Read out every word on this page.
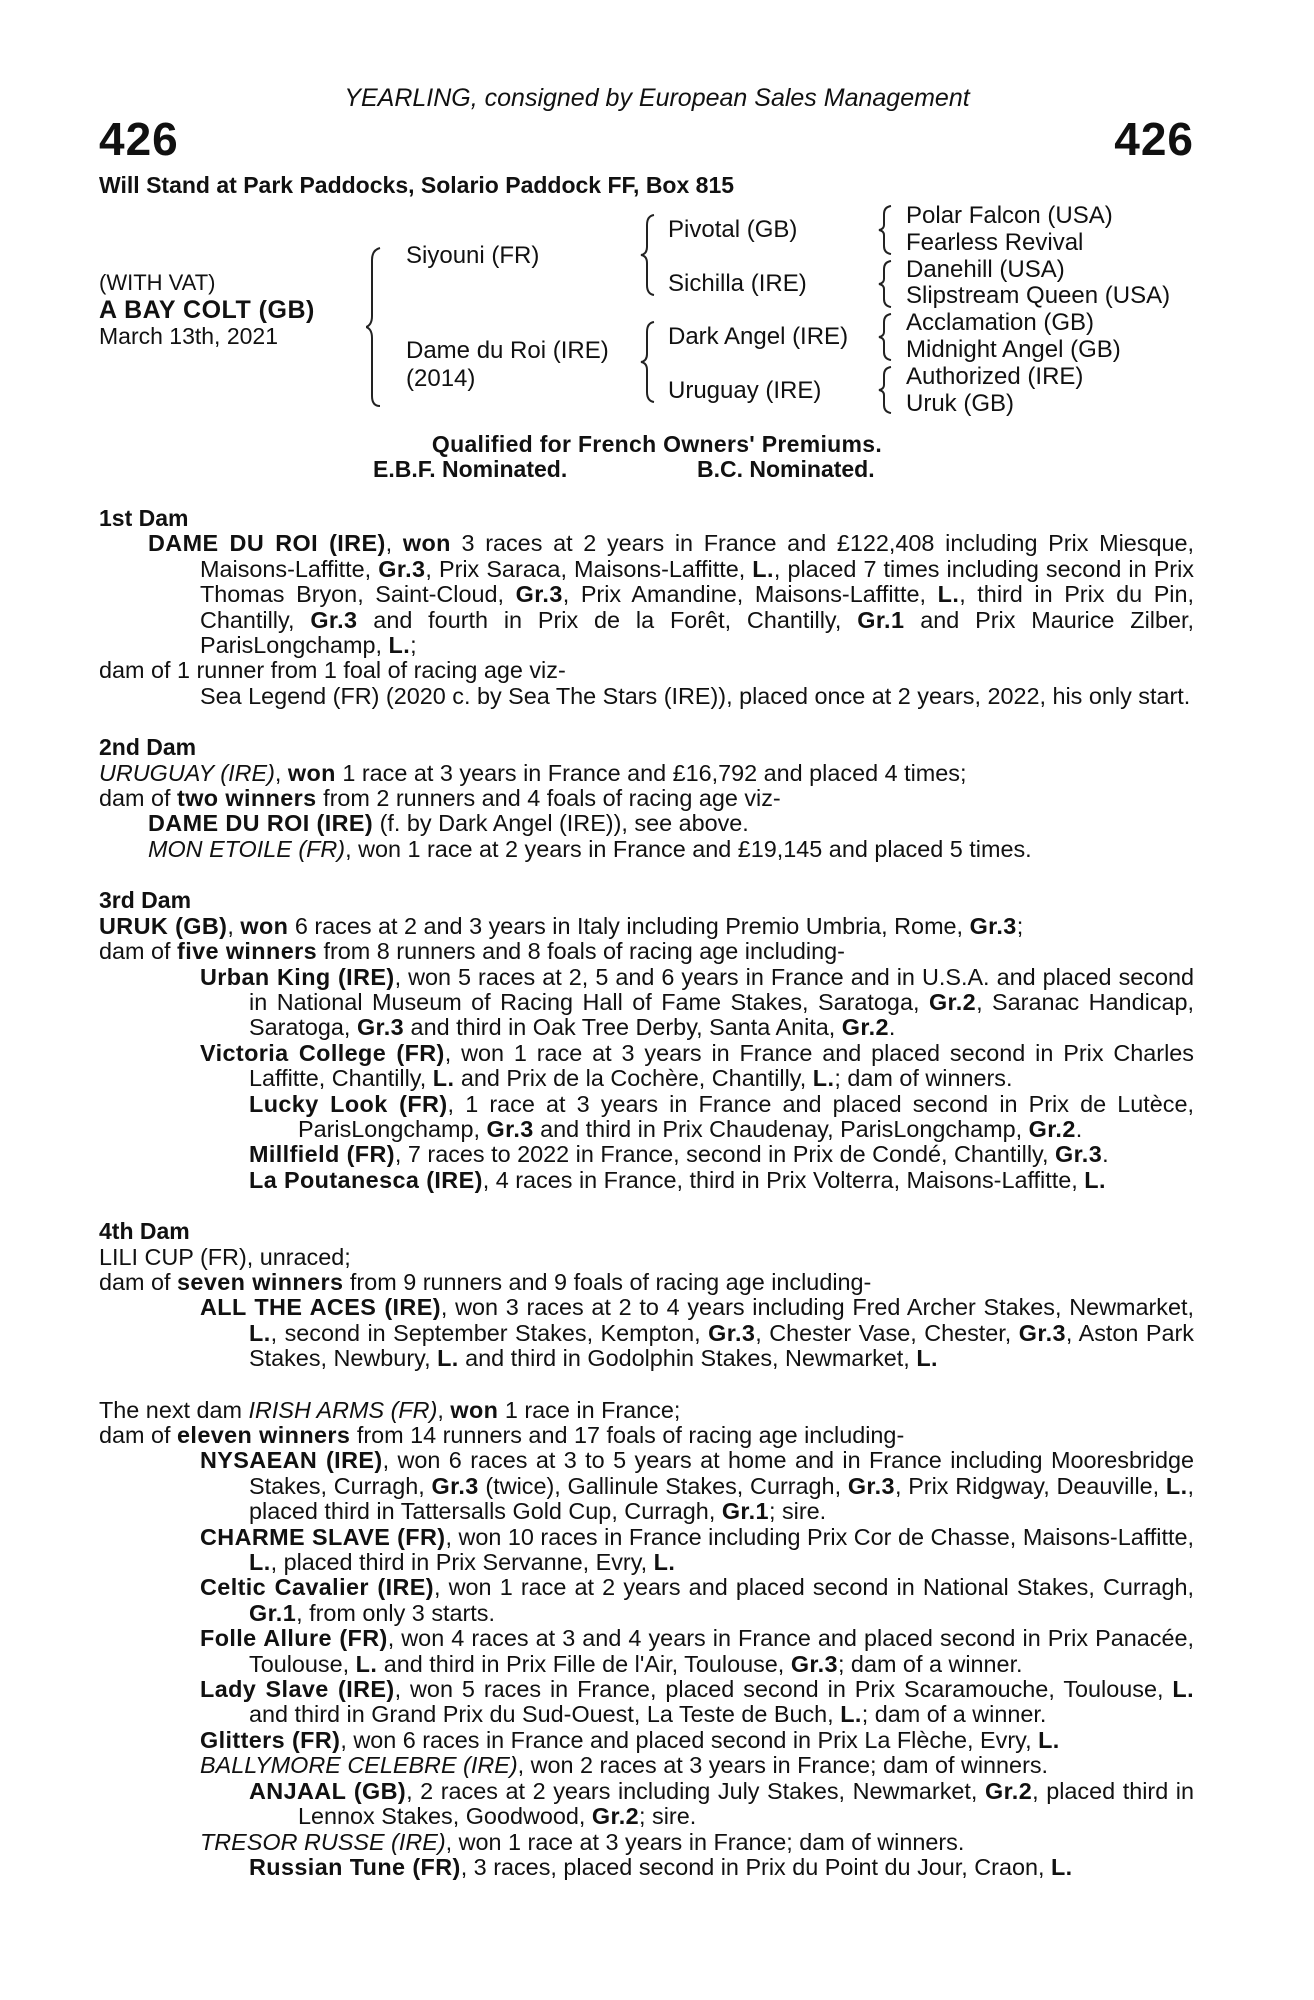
YEARLING, consigned by European Sales Management
426	426
Will Stand at Park Paddocks, Solario Paddock FF, Box 815
(WITH VAT)
A BAY COLT (GB)
March 13th, 2021
Siyouni (FR)
Dame du Roi (IRE)
(2014)
Pivotal (GB)
Sichilla (IRE)
Dark Angel (IRE)
Uruguay (IRE)
Polar Falcon (USA)
Fearless Revival
Danehill (USA)
Slipstream Queen (USA)
Acclamation (GB)
Midnight Angel (GB)
Authorized (IRE)
Uruk (GB)
Qualified for French Owners' Premiums.
E.B.F. Nominated.	B.C. Nominated.

1st Dam

DAME DU ROI (IRE), won 3 races at 2 years in France and £122,408 including Prix Miesque, Maisons-Laffitte, Gr.3, Prix Saraca, Maisons-Laffitte, L., placed 7 times including second in Prix Thomas Bryon, Saint-Cloud, Gr.3, Prix Amandine, Maisons-Laffitte, L., third in Prix du Pin, Chantilly, Gr.3 and fourth in Prix de la Forêt, Chantilly, Gr.1 and Prix Maurice Zilber, ParisLongchamp, L.;

dam of 1 runner from 1 foal of racing age viz-

Sea Legend (FR) (2020 c. by Sea The Stars (IRE)), placed once at 2 years, 2022, his only start.

2nd Dam

URUGUAY (IRE), won 1 race at 3 years in France and £16,792 and placed 4 times;

dam of two winners from 2 runners and 4 foals of racing age viz-

DAME DU ROI (IRE) (f. by Dark Angel (IRE)), see above.

MON ETOILE (FR), won 1 race at 2 years in France and £19,145 and placed 5 times.

3rd Dam

URUK (GB), won 6 races at 2 and 3 years in Italy including Premio Umbria, Rome, Gr.3;

dam of five winners from 8 runners and 8 foals of racing age including-

Urban King (IRE), won 5 races at 2, 5 and 6 years in France and in U.S.A. and placed second in National Museum of Racing Hall of Fame Stakes, Saratoga, Gr.2, Saranac Handicap, Saratoga, Gr.3 and third in Oak Tree Derby, Santa Anita, Gr.2.

Victoria College (FR), won 1 race at 3 years in France and placed second in Prix Charles Laffitte, Chantilly, L. and Prix de la Cochère, Chantilly, L.; dam of winners.

Lucky Look (FR), 1 race at 3 years in France and placed second in Prix de Lutèce, ParisLongchamp, Gr.3 and third in Prix Chaudenay, ParisLongchamp, Gr.2.

Millfield (FR), 7 races to 2022 in France, second in Prix de Condé, Chantilly, Gr.3.

La Poutanesca (IRE), 4 races in France, third in Prix Volterra, Maisons-Laffitte, L.

4th Dam

LILI CUP (FR), unraced;

dam of seven winners from 9 runners and 9 foals of racing age including-

ALL THE ACES (IRE), won 3 races at 2 to 4 years including Fred Archer Stakes, Newmarket, L., second in September Stakes, Kempton, Gr.3, Chester Vase, Chester, Gr.3, Aston Park Stakes, Newbury, L. and third in Godolphin Stakes, Newmarket, L.

The next dam IRISH ARMS (FR), won 1 race in France;

dam of eleven winners from 14 runners and 17 foals of racing age including-

NYSAEAN (IRE), won 6 races at 3 to 5 years at home and in France including Mooresbridge Stakes, Curragh, Gr.3 (twice), Gallinule Stakes, Curragh, Gr.3, Prix Ridgway, Deauville, L., placed third in Tattersalls Gold Cup, Curragh, Gr.1; sire.

CHARME SLAVE (FR), won 10 races in France including Prix Cor de Chasse, Maisons-Laffitte, L., placed third in Prix Servanne, Evry, L.

Celtic Cavalier (IRE), won 1 race at 2 years and placed second in National Stakes, Curragh, Gr.1, from only 3 starts.

Folle Allure (FR), won 4 races at 3 and 4 years in France and placed second in Prix Panacée, Toulouse, L. and third in Prix Fille de l'Air, Toulouse, Gr.3; dam of a winner.

Lady Slave (IRE), won 5 races in France, placed second in Prix Scaramouche, Toulouse, L. and third in Grand Prix du Sud-Ouest, La Teste de Buch, L.; dam of a winner.

Glitters (FR), won 6 races in France and placed second in Prix La Flèche, Evry, L.

BALLYMORE CELEBRE (IRE), won 2 races at 3 years in France; dam of winners.

ANJAAL (GB), 2 races at 2 years including July Stakes, Newmarket, Gr.2, placed third in Lennox Stakes, Goodwood, Gr.2; sire.

TRESOR RUSSE (IRE), won 1 race at 3 years in France; dam of winners.

Russian Tune (FR), 3 races, placed second in Prix du Point du Jour, Craon, L.
